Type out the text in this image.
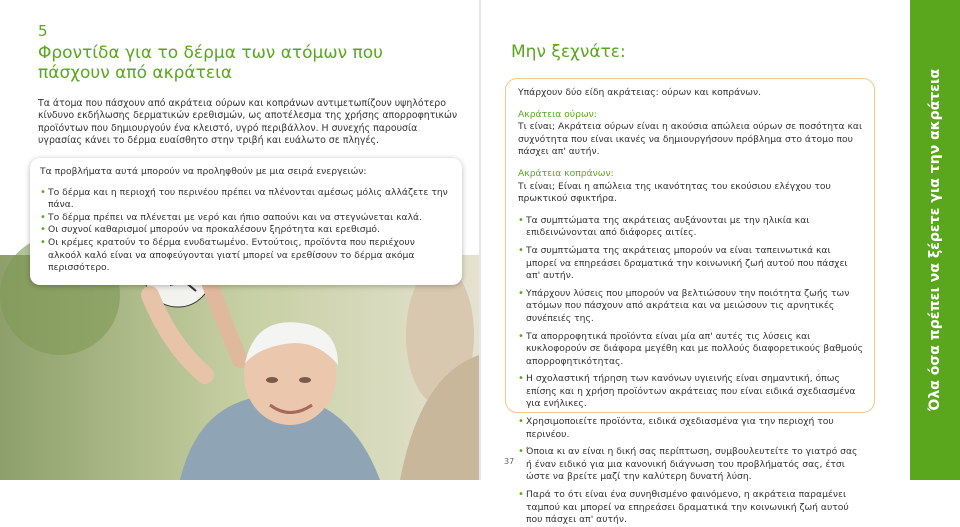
5
Φροντίδα για το δέρμα των ατόμων που πάσχουν από ακράτεια

Τα άτομα που πάσχουν από ακράτεια ούρων και κοπράνων αντιμετωπίζουν υψηλότερο κίνδυνο εκδήλωσης δερματικών ερεθισμών, ως αποτέλεσμα της χρήσης απορροφητικών προϊόντων που δημιουργούν ένα κλειστό, υγρό περιβάλλον. Η συνεχής παρουσία υγρασίας κάνει το δέρμα ευαίσθητο στην τριβή και ευάλωτο σε πληγές.

Τα προβλήματα αυτά μπορούν να προληφθούν με μια σειρά ενεργειών:

• Το δέρμα και η περιοχή του περινέου πρέπει να πλένονται αμέσως μόλις αλλάζετε την πάνα.
• Το δέρμα πρέπει να πλένεται με νερό και ήπιο σαπούνι και να στεγνώνεται καλά.
• Οι συχνοί καθαρισμοί μπορούν να προκαλέσουν ξηρότητα και ερεθισμό.
• Οι κρέμες κρατούν το δέρμα ενυδατωμένο. Εντούτοις, προϊόντα που περιέχουν αλκοόλ καλό είναι να αποφεύγονται γιατί μπορεί να ερεθίσουν το δέρμα ακόμα περισσότερο.
Μην ξεχνάτε:

Υπάρχουν δύο είδη ακράτειας: ούρων και κοπράνων.

Ακράτεια ούρων:
Τι είναι; Ακράτεια ούρων είναι η ακούσια απώλεια ούρων σε ποσότητα και συχνότητα που είναι ικανές να δημιουργήσουν πρόβλημα στο άτομο που πάσχει απ' αυτήν.

Ακράτεια κοπράνων:
Τι είναι; Είναι η απώλεια της ικανότητας του εκούσιου ελέγχου του πρωκτικού σφικτήρα.

• Τα συμπτώματα της ακράτειας αυξάνονται με την ηλικία και επιδεινώνονται από διάφορες αιτίες.
• Τα συμπτώματα της ακράτειας μπορούν να είναι ταπεινωτικά και μπορεί να επηρεάσει δραματικά την κοινωνική ζωή αυτού που πάσχει απ' αυτήν.
• Υπάρχουν λύσεις που μπορούν να βελτιώσουν την ποιότητα ζωής των ατόμων που πάσχουν από ακράτεια και να μειώσουν τις αρνητικές συνέπειές της.
• Τα απορροφητικά προϊόντα είναι μία απ' αυτές τις λύσεις και κυκλοφορούν σε διάφορα μεγέθη και με πολλούς διαφορετικούς βαθμούς απορροφητικότητας.
• Η σχολαστική τήρηση των κανόνων υγιεινής είναι σημαντική, όπως επίσης και η χρήση προϊόντων ακράτειας που είναι ειδικά σχεδιασμένα για ενήλικες.
• Χρησιμοποιείτε προϊόντα, ειδικά σχεδιασμένα για την περιοχή του περινέου.
• Όποια κι αν είναι η δική σας περίπτωση, συμβουλευτείτε το γιατρό σας ή έναν ειδικό για μια κανονική διάγνωση του προβλήματός σας, έτσι ώστε να βρείτε μαζί την καλύτερη δυνατή λύση.
• Παρά το ότι είναι ένα συνηθισμένο φαινόμενο, η ακράτεια παραμένει ταμπού και μπορεί να επηρεάσει δραματικά την κοινωνική ζωή αυτού που πάσχει απ' αυτήν.
37
Όλα όσα πρέπει να ξέρετε για την ακράτεια
